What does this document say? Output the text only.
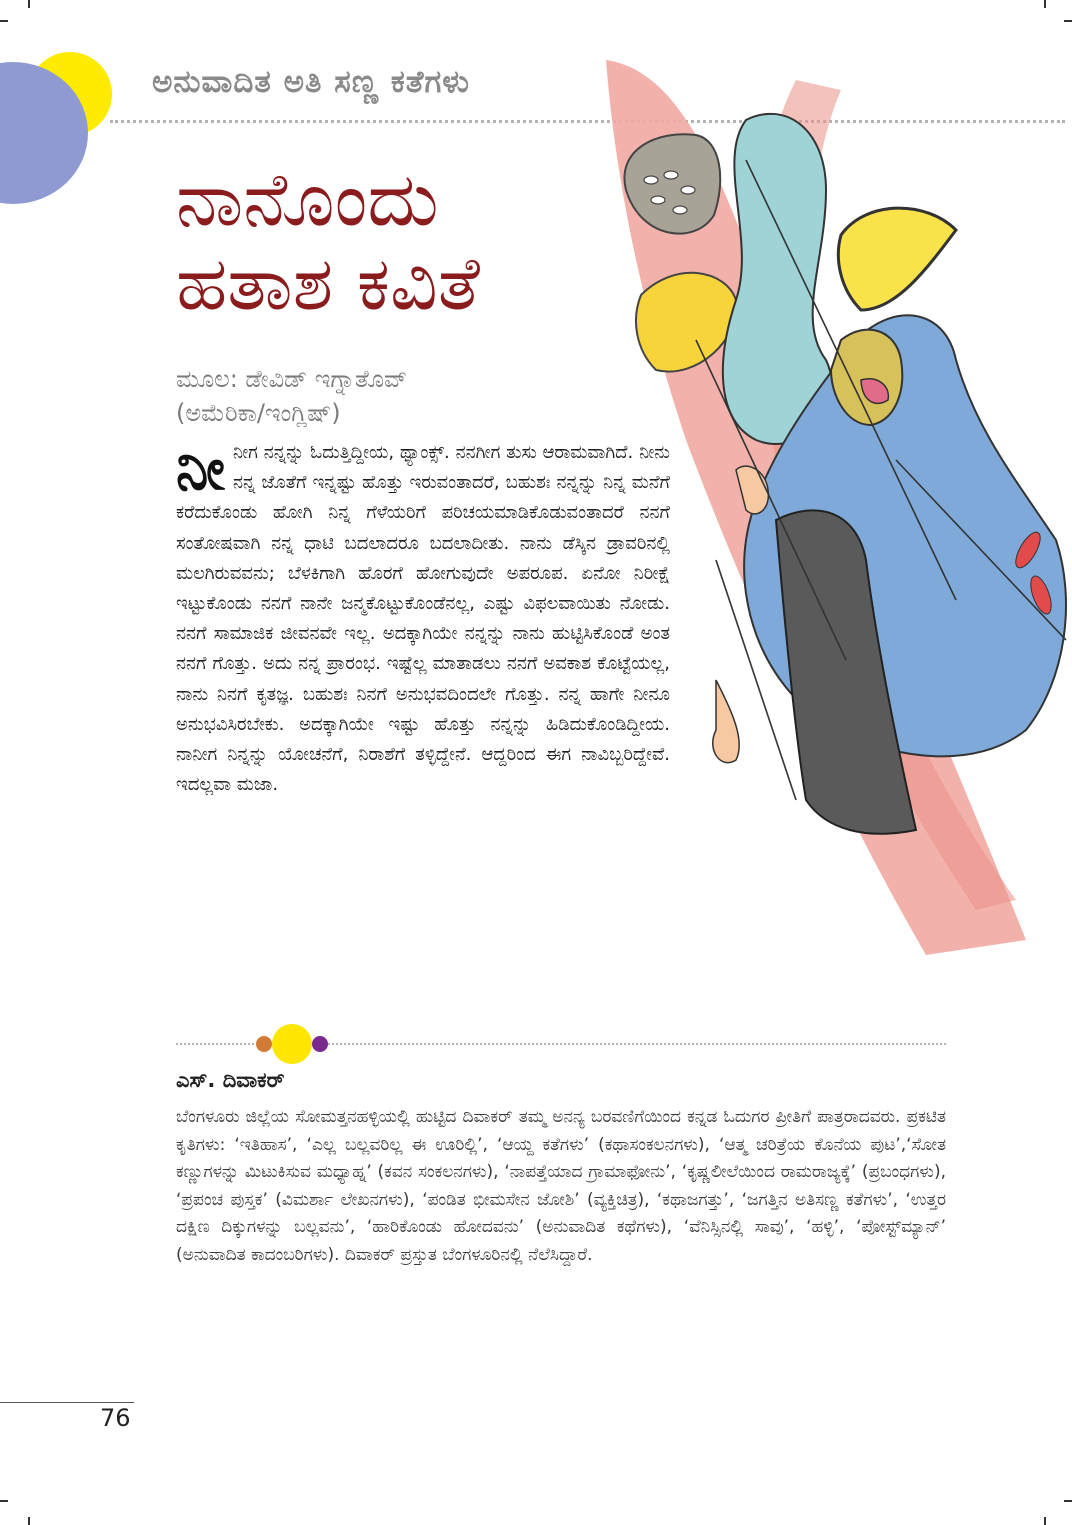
ಅನುವಾದಿತ ಅತಿ ಸಣ್ಣ ಕತೆಗಳು
ನಾನೊಂದು
ಹತಾಶ ಕವಿತೆ
ಮೂಲ: ಡೇವಿಡ್ ಇಗ್ನಾತೊವ್
(ಅಮೆರಿಕಾ/ಇಂಗ್ಲಿಷ್)
ನೀ ನೀಗ ನನ್ನನ್ನು ಓದುತ್ತಿದ್ದೀಯ, ಥ್ಯಾಂಕ್ಸ್. ನನಗೀಗ ತುಸು ಆರಾಮವಾಗಿದೆ. ನೀನು ನನ್ನ ಜೊತೆಗೆ ಇನ್ನಷ್ಟು ಹೊತ್ತು ಇರುವಂತಾದರೆ, ಬಹುಶಃ ನನ್ನನ್ನು ನಿನ್ನ ಮನೆಗೆ ಕರೆದುಕೊಂಡು ಹೋಗಿ ನಿನ್ನ ಗೆಳೆಯರಿಗೆ ಪರಿಚಯಮಾಡಿಕೊಡುವಂತಾದರೆ ನನಗೆ ಸಂತೋಷವಾಗಿ ನನ್ನ ಧಾಟಿ ಬದಲಾದರೂ ಬದಲಾದೀತು. ನಾನು ಡೆಸ್ಕಿನ ಡ್ರಾವರಿನಲ್ಲಿ ಮಲಗಿರುವವನು; ಬೆಳಕಿಗಾಗಿ ಹೊರಗೆ ಹೋಗುವುದೇ ಅಪರೂಪ. ಏನೋ ನಿರೀಕ್ಷೆ ಇಟ್ಟುಕೊಂಡು ನನಗೆ ನಾನೇ ಜನ್ಮಕೊಟ್ಟುಕೊಂಡೆನಲ್ಲ, ಎಷ್ಟು ವಿಫಲವಾಯಿತು ನೋಡು. ನನಗೆ ಸಾಮಾಜಿಕ ಜೀವನವೇ ಇಲ್ಲ. ಅದಕ್ಕಾಗಿಯೇ ನನ್ನನ್ನು ನಾನು ಹುಟ್ಟಿಸಿಕೊಂಡೆ ಅಂತ ನನಗೆ ಗೊತ್ತು. ಅದು ನನ್ನ ಪ್ರಾರಂಭ. ಇಷ್ಟೆಲ್ಲ ಮಾತಾಡಲು ನನಗೆ ಅವಕಾಶ ಕೊಟ್ಟೆಯಲ್ಲ, ನಾನು ನಿನಗೆ ಕೃತಜ್ಞ. ಬಹುಶಃ ನಿನಗೆ ಅನುಭವದಿಂದಲೇ ಗೊತ್ತು. ನನ್ನ ಹಾಗೇ ನೀನೂ ಅನುಭವಿಸಿರಬೇಕು. ಅದಕ್ಕಾಗಿಯೇ ಇಷ್ಟು ಹೊತ್ತು ನನ್ನನ್ನು ಹಿಡಿದುಕೊಂಡಿದ್ದೀಯ. ನಾನೀಗ ನಿನ್ನನ್ನು ಯೋಚನೆಗೆ, ನಿರಾಶೆಗೆ ತಳ್ಳಿದ್ದೇನೆ. ಆದ್ದರಿಂದ ಈಗ ನಾವಿಬ್ಬರಿದ್ದೇವೆ. ಇದಲ್ಲವಾ ಮಜಾ.

ಎಸ್. ದಿವಾಕರ್

ಬೆಂಗಳೂರು ಜಿಲ್ಲೆಯ ಸೋಮತ್ತನಹಳ್ಳಿಯಲ್ಲಿ ಹುಟ್ಟಿದ ದಿವಾಕರ್ ತಮ್ಮ ಅನನ್ಯ ಬರವಣಿಗೆಯಿಂದ ಕನ್ನಡ ಓದುಗರ ಪ್ರೀತಿಗೆ ಪಾತ್ರರಾದವರು. ಪ್ರಕಟಿತ ಕೃತಿಗಳು: ‘ಇತಿಹಾಸ’, ‘ಎಲ್ಲ ಬಲ್ಲವರಿಲ್ಲ ಈ ಊರಿಲ್ಲಿ’, ‘ಆಯ್ದ ಕತೆಗಳು’ (ಕಥಾಸಂಕಲನಗಳು), ‘ಆತ್ಮ ಚರಿತ್ರೆಯ ಕೊನೆಯ ಪುಟ’,‘ಸೋತ ಕಣ್ಣುಗಳನ್ನು ಮಿಟುಕಿಸುವ ಮಧ್ಯಾಹ್ನ’ (ಕವನ ಸಂಕಲನಗಳು), ‘ನಾಪತ್ತೆಯಾದ ಗ್ರಾಮಾಫೋನು’, ‘ಕೃಷ್ಣಲೀಲೆಯಿಂದ ರಾಮರಾಜ್ಯಕ್ಕೆ’ (ಪ್ರಬಂಧಗಳು), ‘ಪ್ರಪಂಚ ಪುಸ್ತಕ’ (ವಿಮರ್ಶಾ ಲೇಖನಗಳು), ‘ಪಂಡಿತ ಭೀಮಸೇನ ಜೋಶಿ’ (ವ್ಯಕ್ತಿಚಿತ್ರ), ‘ಕಥಾಜಗತ್ತು’, ‘ಜಗತ್ತಿನ ಅತಿಸಣ್ಣ ಕತೆಗಳು’, ‘ಉತ್ತರ ದಕ್ಷಿಣ ದಿಕ್ಕುಗಳನ್ನು ಬಲ್ಲವನು’, ‘ಹಾರಿಕೊಂಡು ಹೋದವನು’ (ಅನುವಾದಿತ ಕಥೆಗಳು), ‘ವೆನಿಸ್ಸಿನಲ್ಲಿ ಸಾವು’, ‘ಹಳ್ಳಿ’, ‘ಪೋಸ್ಟ್‌ಮ್ಯಾನ್’ (ಅನುವಾದಿತ ಕಾದಂಬರಿಗಳು). ದಿವಾಕರ್ ಪ್ರಸ್ತುತ ಬೆಂಗಳೂರಿನಲ್ಲಿ ನೆಲೆಸಿದ್ದಾರೆ.

76
